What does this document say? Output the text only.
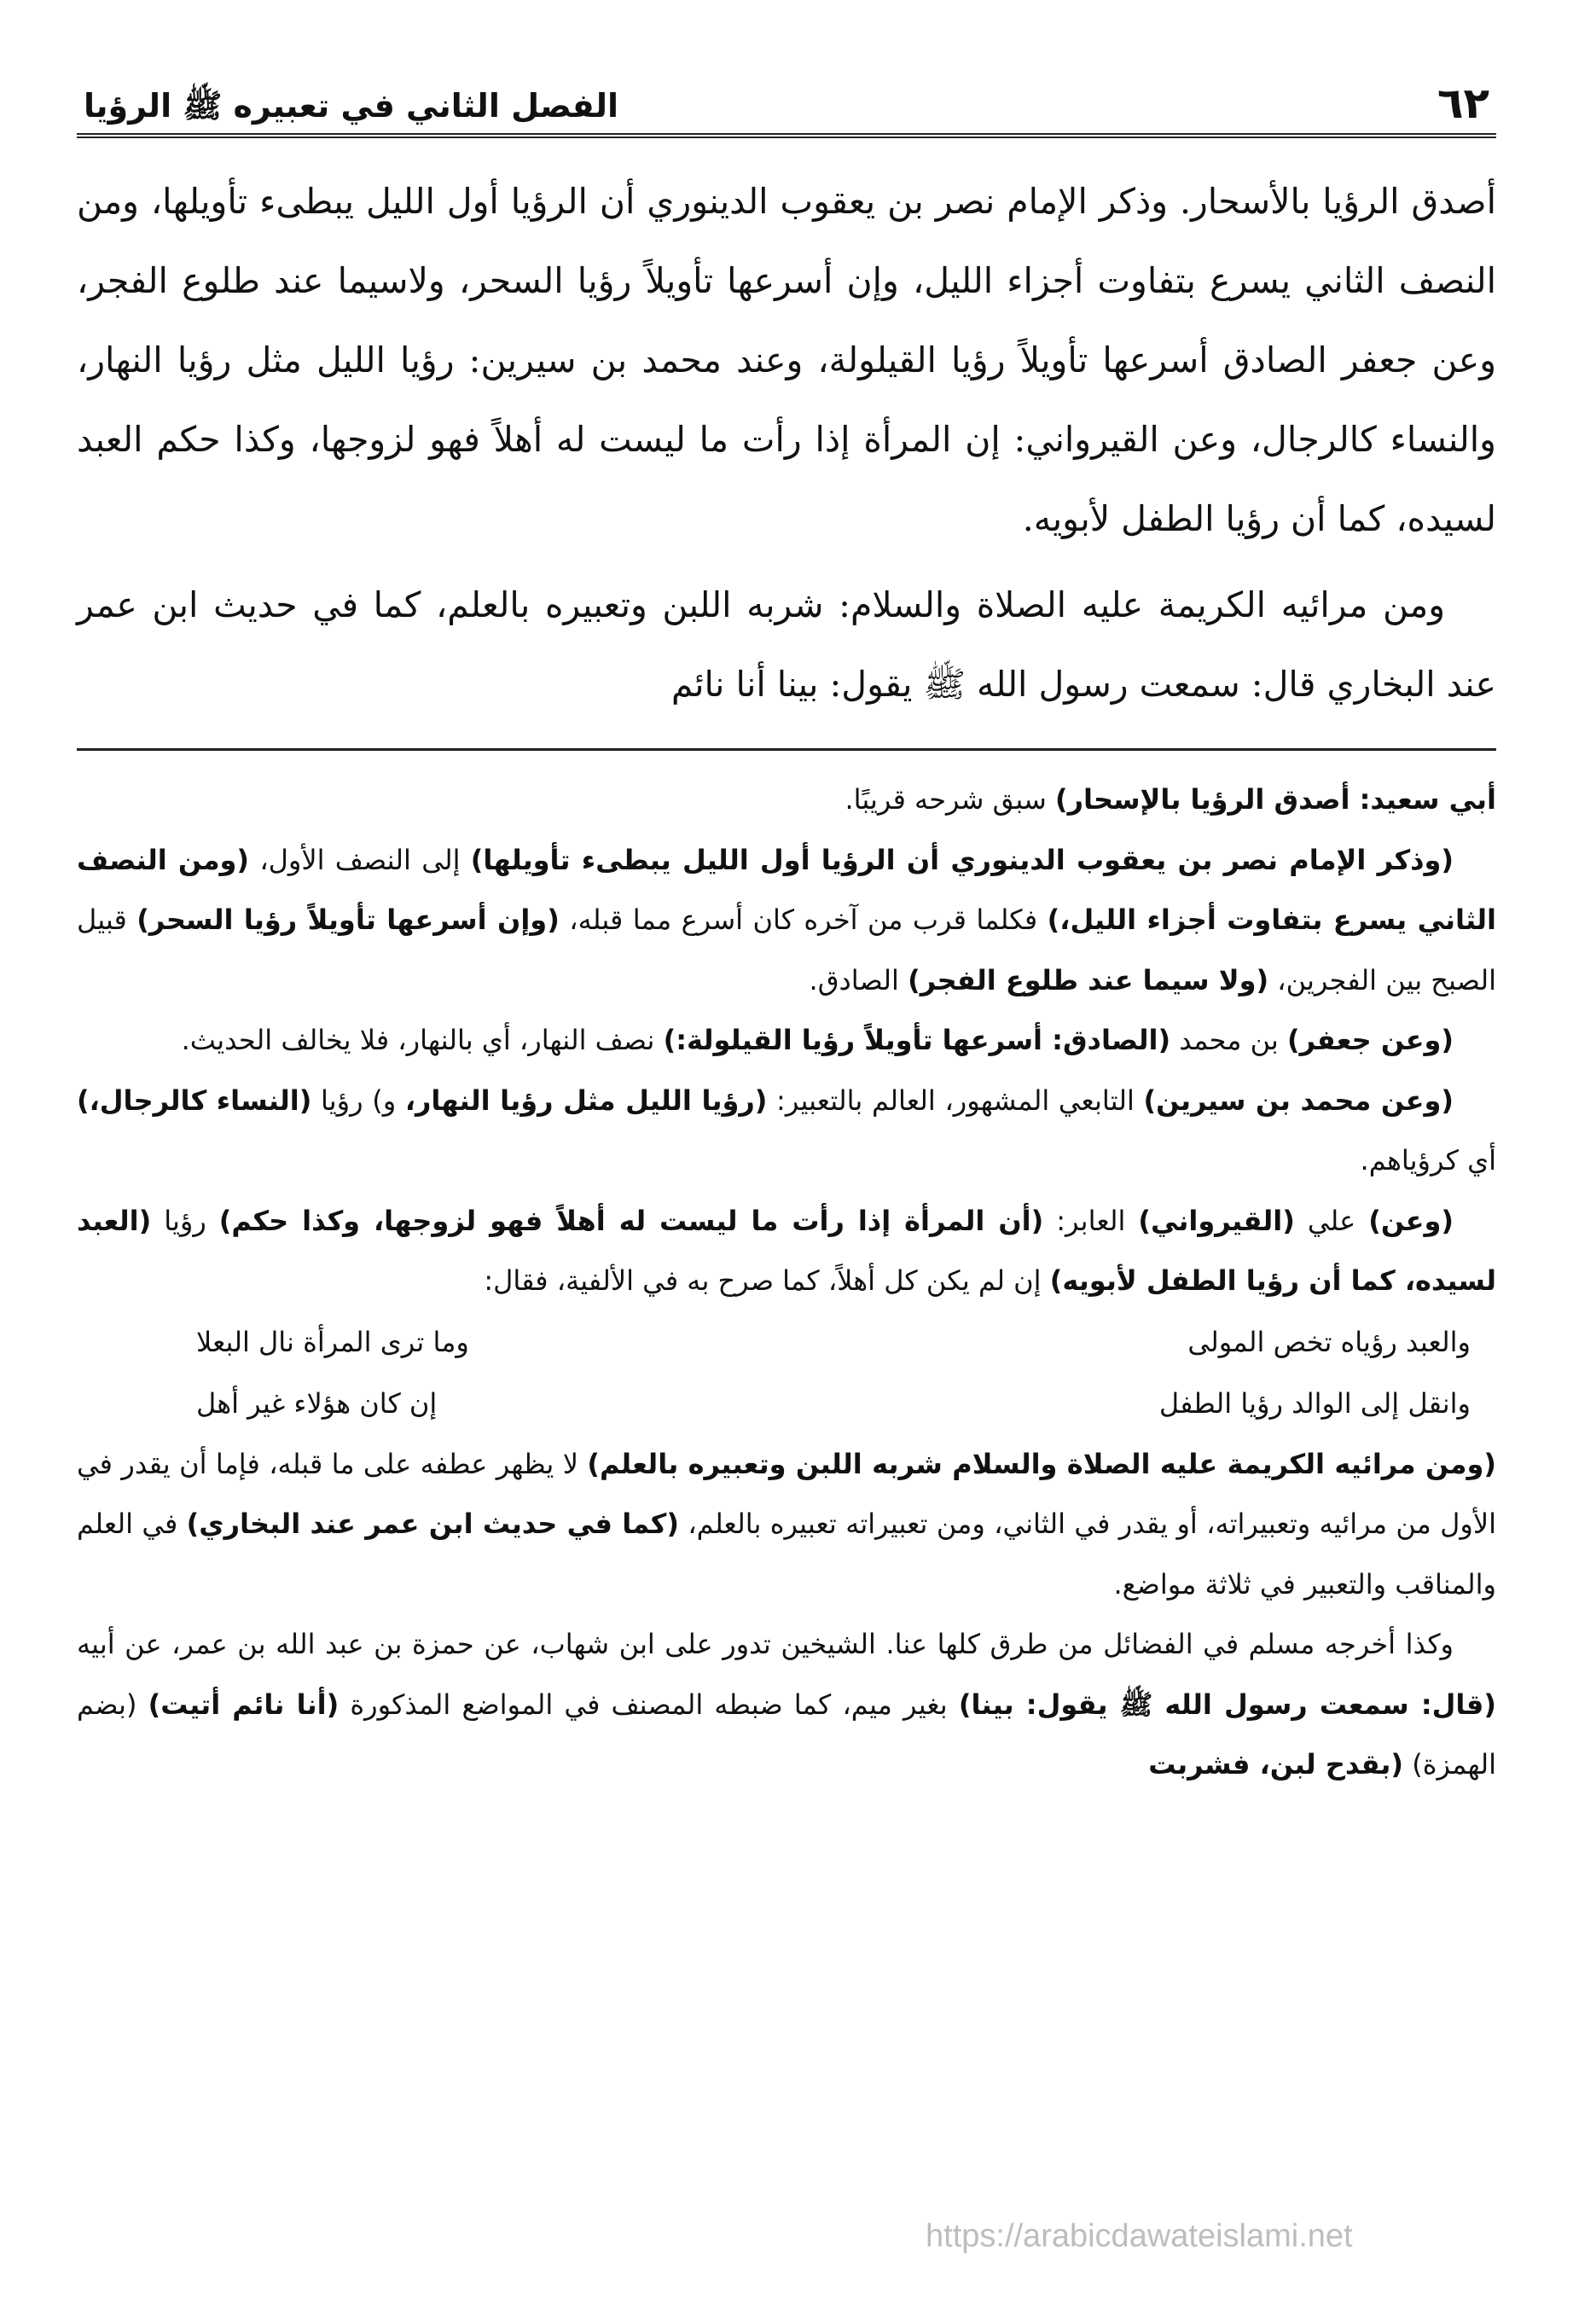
٦٢
الفصل الثاني في تعبيره ﷺ الرؤيا

أصدق الرؤيا بالأسحار. وذكر الإمام نصر بن يعقوب الدينوري أن الرؤيا أول الليل يبطىء تأويلها، ومن النصف الثاني يسرع بتفاوت أجزاء الليل، وإن أسرعها تأويلاً رؤيا السحر، ولاسيما عند طلوع الفجر، وعن جعفر الصادق أسرعها تأويلاً رؤيا القيلولة، وعند محمد بن سيرين: رؤيا الليل مثل رؤيا النهار، والنساء كالرجال، وعن القيرواني: إن المرأة إذا رأت ما ليست له أهلاً فهو لزوجها، وكذا حكم العبد لسيده، كما أن رؤيا الطفل لأبويه.

ومن مرائيه الكريمة عليه الصلاة والسلام: شربه اللبن وتعبيره بالعلم، كما في حديث ابن عمر عند البخاري قال: سمعت رسول الله ﷺ يقول: بينا أنا نائم

أبي سعيد: أصدق الرؤيا بالإسحار) سبق شرحه قريبًا.

(وذكر الإمام نصر بن يعقوب الدينوري أن الرؤيا أول الليل يبطىء تأويلها) إلى النصف الأول، (ومن النصف الثاني يسرع بتفاوت أجزاء الليل،) فكلما قرب من آخره كان أسرع مما قبله، (وإن أسرعها تأويلاً رؤيا السحر) قبيل الصبح بين الفجرين، (ولا سيما عند طلوع الفجر) الصادق.

(وعن جعفر) بن محمد (الصادق: أسرعها تأويلاً رؤيا القيلولة:) نصف النهار، أي بالنهار، فلا يخالف الحديث.

(وعن محمد بن سيرين) التابعي المشهور، العالم بالتعبير: (رؤيا الليل مثل رؤيا النهار، و) رؤيا (النساء كالرجال،) أي كرؤياهم.

(وعن) علي (القيرواني) العابر: (أن المرأة إذا رأت ما ليست له أهلاً فهو لزوجها، وكذا حكم) رؤيا (العبد لسيده، كما أن رؤيا الطفل لأبويه) إن لم يكن كل أهلاً، كما صرح به في الألفية، فقال:

والعبد رؤياه تخص المولى
وما ترى المرأة نال البعلا
وانقل إلى الوالد رؤيا الطفل
إن كان هؤلاء غير أهل

(ومن مرائيه الكريمة عليه الصلاة والسلام شربه اللبن وتعبيره بالعلم) لا يظهر عطفه على ما قبله، فإما أن يقدر في الأول من مرائيه وتعبيراته، أو يقدر في الثاني، ومن تعبيراته تعبيره بالعلم، (كما في حديث ابن عمر عند البخاري) في العلم والمناقب والتعبير في ثلاثة مواضع.

وكذا أخرجه مسلم في الفضائل من طرق كلها عنا. الشيخين تدور على ابن شهاب، عن حمزة بن عبد الله بن عمر، عن أبيه (قال: سمعت رسول الله ﷺ يقول: بينا) بغير ميم، كما ضبطه المصنف في المواضع المذكورة (أنا نائم أتيت) (بضم الهمزة) (بقدح لبن، فشربت

https://arabicdawateislami.net
